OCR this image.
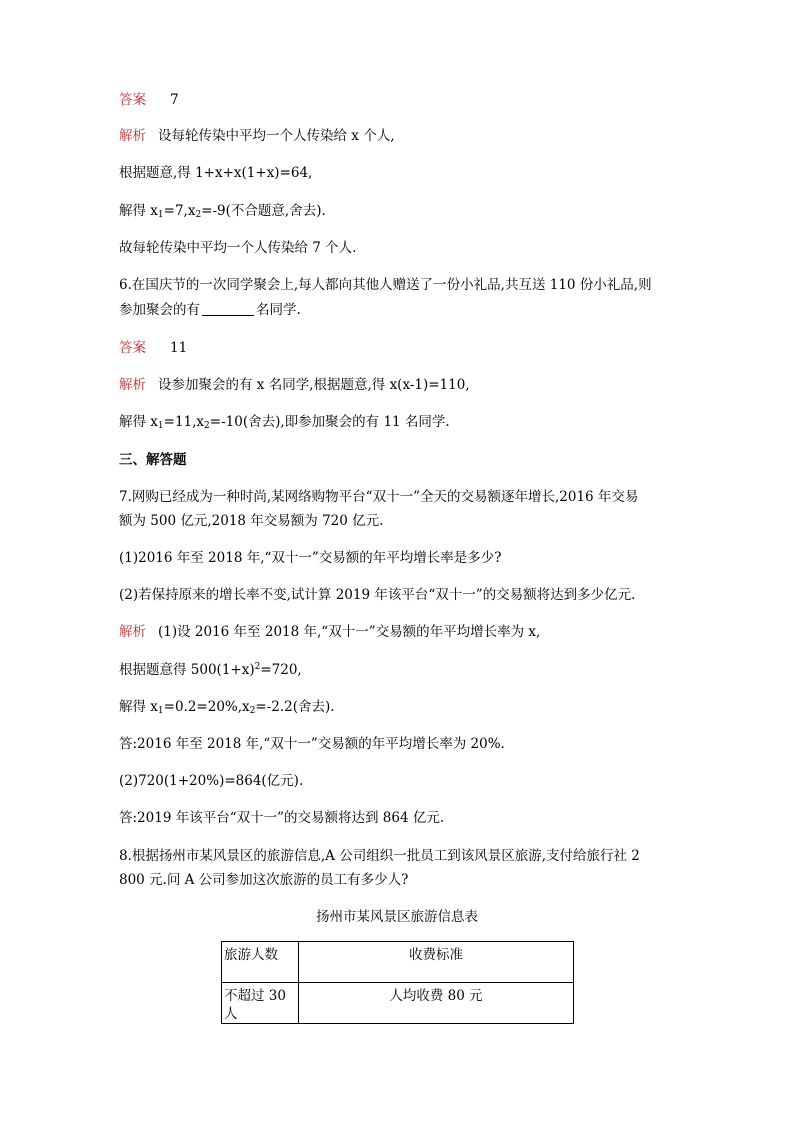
答案 7
解析 设每轮传染中平均一个人传染给 x 个人,
根据题意,得 1+x+x(1+x)=64,
解得 $x_1=7,x_2=-9$(不合题意,舍去).
故每轮传染中平均一个人传染给 7 个人.
6.在国庆节的一次同学聚会上,每人都向其他人赠送了一份小礼品,共互送 110 份小礼品,则
参加聚会的有	名同学.
答案 11
解析 设参加聚会的有 x 名同学,根据题意,得 x(x-1)=110,
解得 $x_1=11,x_2=-10$(舍去),即参加聚会的有 11 名同学.
三、解答题
7.网购已经成为一种时尚,某网络购物平台“双十一”全天的交易额逐年增长,2016 年交易
额为 500 亿元,2018 年交易额为 720 亿元.
(1)2016 年至 2018 年,“双十一”交易额的年平均增长率是多少?
(2)若保持原来的增长率不变,试计算 2019 年该平台“双十一”的交易额将达到多少亿元.
解析 (1)设 2016 年至 2018 年,“双十一”交易额的年平均增长率为 x,
根据题意得 $500(1+x)^2=720$,
解得 $x_1=0.2=20\%,x_2=-2.2$(舍去).
答:2016 年至 2018 年,“双十一”交易额的年平均增长率为 20%.
(2)720(1+20%)=864(亿元).
答:2019 年该平台“双十一”的交易额将达到 864 亿元.
8.根据扬州市某风景区的旅游信息,A 公司组织一批员工到该风景区旅游,支付给旅行社 2
800 元.问 A 公司参加这次旅游的员工有多少人?
扬州市某风景区旅游信息表
旅游人数	收费标准
不超过 30 人	人均收费 80 元
